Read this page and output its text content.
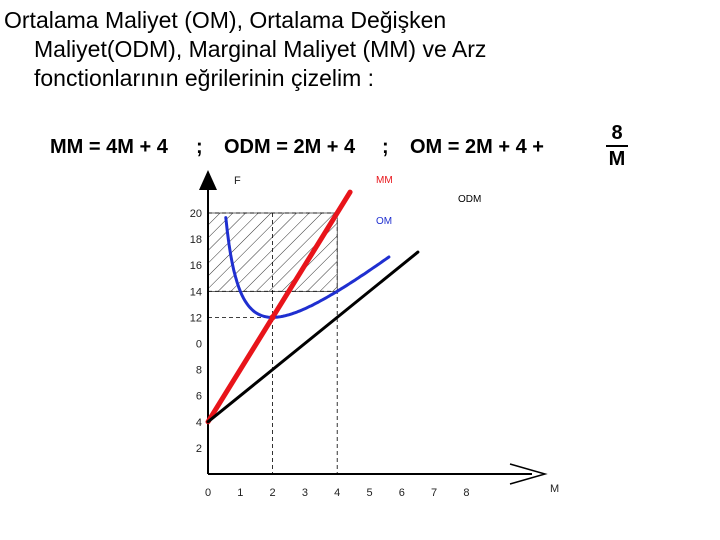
Ortalama Maliyet (OM), Ortalama Değişken
Maliyet(ODM), Marginal Maliyet (MM) ve Arz
fonctionlarının eğrilerinin çizelim :
MM = 4M + 4 ; ODM = 2M + 4 ; OM = 2M + 4 +
8
M
0 1 2 3 4 5 6 7 8
2
4
6
8
0
12
14
16
18
20
F
M
MM
ODM
OM
